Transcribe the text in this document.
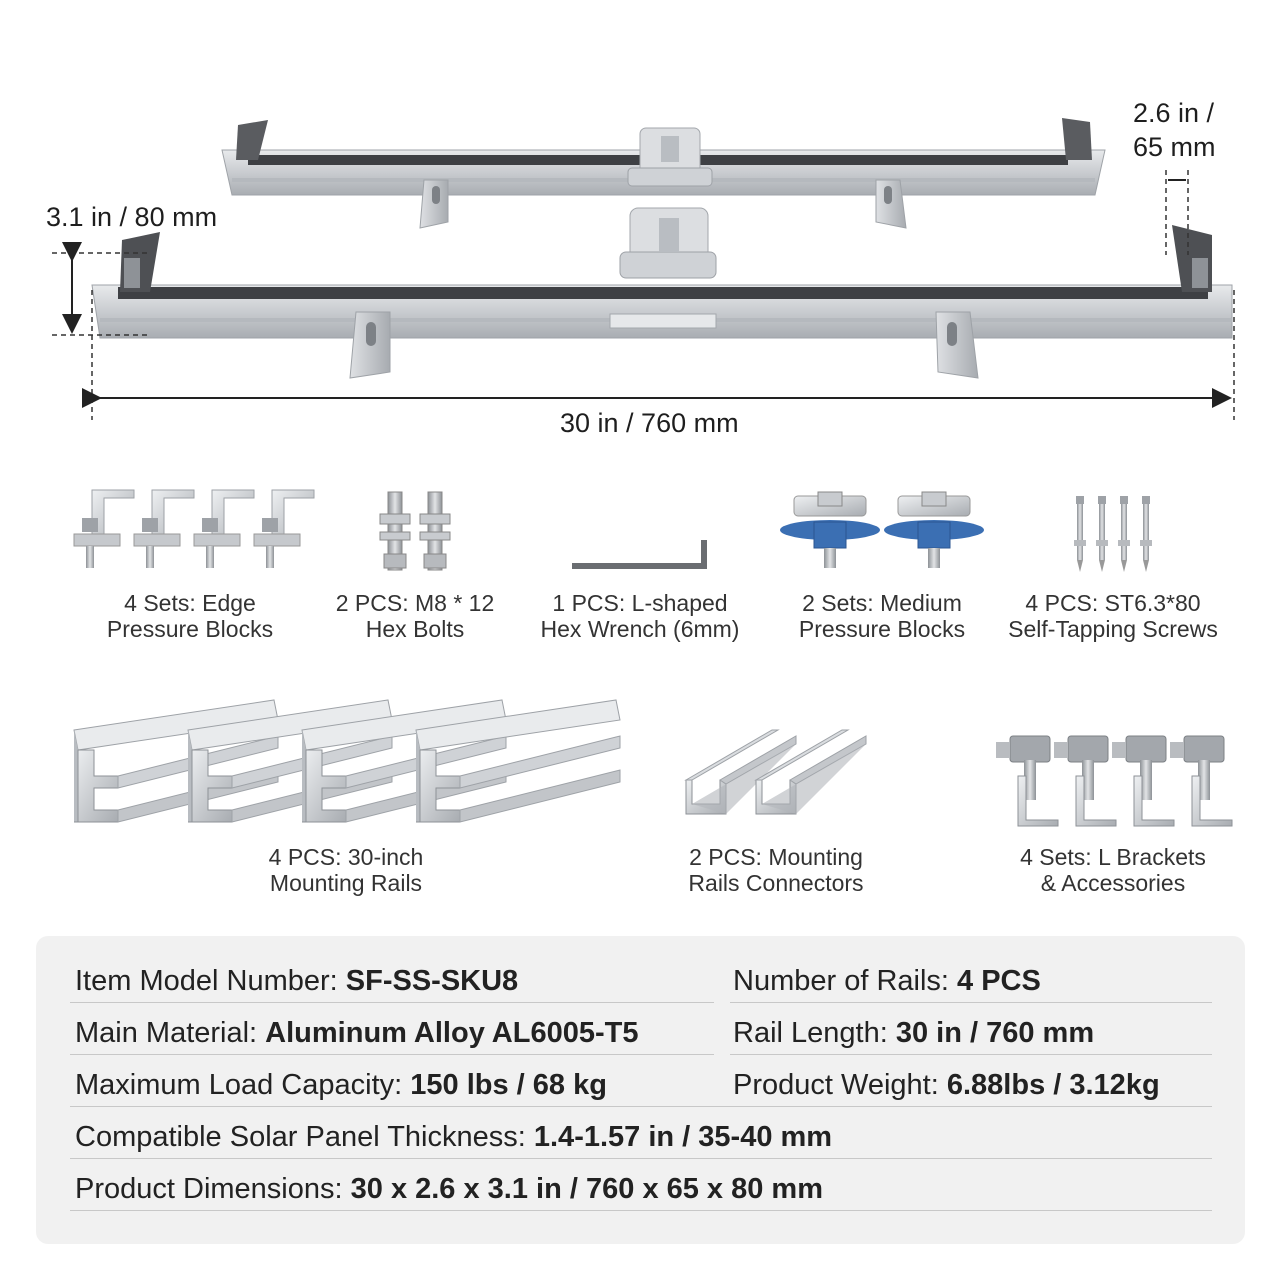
2.6 in /
65 mm
3.1 in / 80 mm
30 in / 760 mm
4 Sets: Edge
Pressure Blocks
2 PCS: M8 * 12
Hex Bolts
1 PCS: L-shaped
Hex Wrench (6mm)
2 Sets: Medium
Pressure Blocks
4 PCS: ST6.3*80
Self-Tapping Screws
4 PCS: 30-inch
Mounting Rails
2 PCS: Mounting
Rails Connectors
4 Sets: L Brackets
& Accessories
Item Model Number: SF-SS-SKU8	Number of Rails: 4 PCS
Main Material: Aluminum Alloy AL6005-T5	Rail Length: 30 in / 760 mm
Maximum Load Capacity: 150 lbs / 68 kg	Product Weight: 6.88lbs / 3.12kg
Compatible Solar Panel Thickness: 1.4-1.57 in / 35-40 mm
Product Dimensions: 30 x 2.6 x 3.1 in / 760 x 65 x 80 mm
